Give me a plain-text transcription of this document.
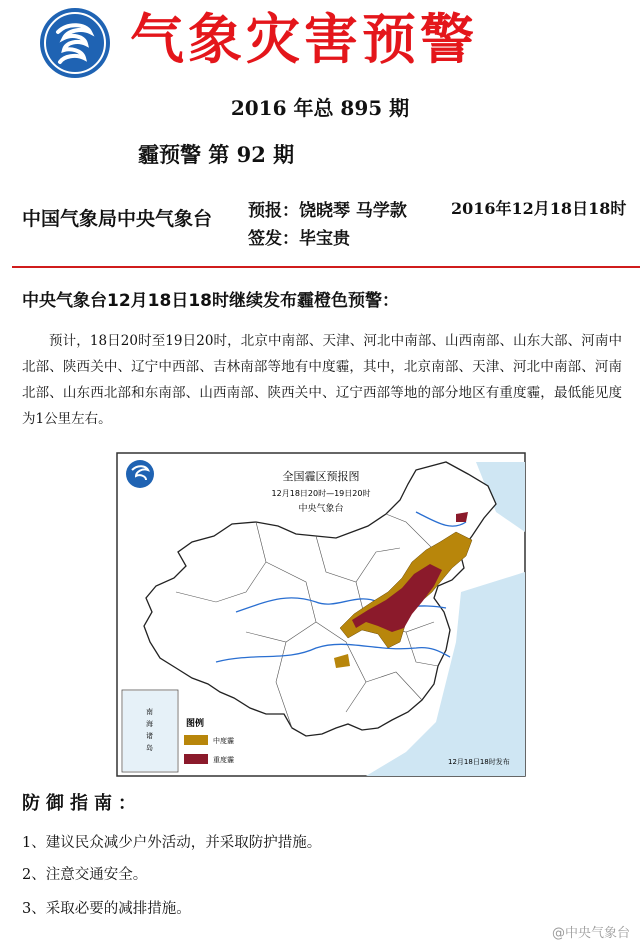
气象灾害预警
2016 年总 895 期
霾预警 第 92 期
中国气象局中央气象台 预报：饶晓琴 马学款
签发：毕宝贵
2016年12月18日18时
中央气象台12月18日18时继续发布霾橙色预警：
预计，18日20时至19日20时，北京中南部、天津、河北中南部、山西南部、山东大部、河南中北部、陕西关中、辽宁中西部、吉林南部等地有中度霾，其中，北京南部、天津、河北中南部、河南北部、山东西北部和东南部、山西南部、陕西关中、辽宁西部等地的部分地区有重度霾，最低能见度为1公里左右。
全国霾区预报图
12月18日20时—19日20时
中央气象台
南
海
诸
岛
图例
中度霾
重度霾	12月18日18时发布
防御指南：
1、建议民众减少户外活动，并采取防护措施。
2、注意交通安全。
3、采取必要的减排措施。
@中央气象台
